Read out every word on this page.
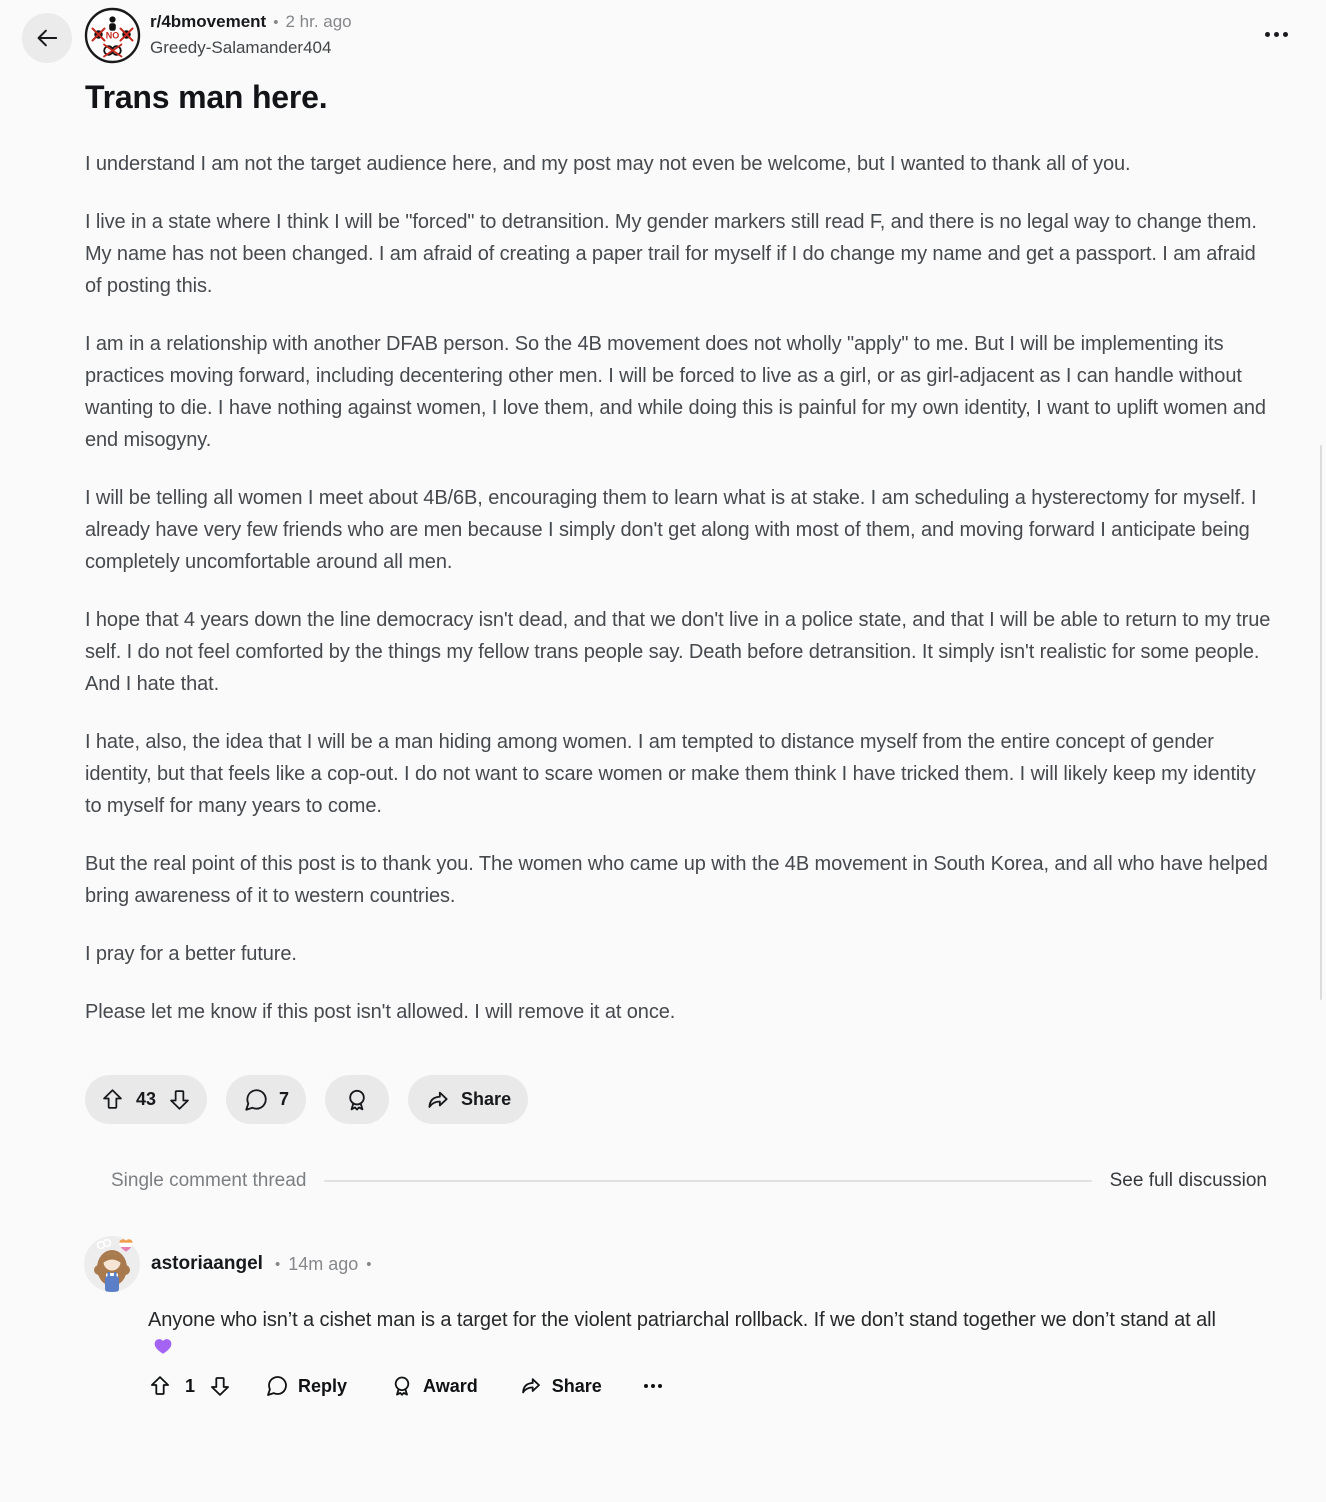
NO
r/4bmovement • 2 hr. ago
Greedy-Salamander404
Trans man here.

I understand I am not the target audience here, and my post may not even be welcome, but I wanted to thank all of you.

I live in a state where I think I will be "forced" to detransition. My gender markers still read F, and there is no legal way to change them. My name has not been changed. I am afraid of creating a paper trail for myself if I do change my name and get a passport. I am afraid of posting this.

I am in a relationship with another DFAB person. So the 4B movement does not wholly "apply" to me. But I will be implementing its practices moving forward, including decentering other men. I will be forced to live as a girl, or as girl-adjacent as I can handle without wanting to die. I have nothing against women, I love them, and while doing this is painful for my own identity, I want to uplift women and end misogyny.

I will be telling all women I meet about 4B/6B, encouraging them to learn what is at stake. I am scheduling a hysterectomy for myself. I already have very few friends who are men because I simply don't get along with most of them, and moving forward I anticipate being completely uncomfortable around all men.

I hope that 4 years down the line democracy isn't dead, and that we don't live in a police state, and that I will be able to return to my true self. I do not feel comforted by the things my fellow trans people say. Death before detransition. It simply isn't realistic for some people. And I hate that.

I hate, also, the idea that I will be a man hiding among women. I am tempted to distance myself from the entire concept of gender identity, but that feels like a cop-out. I do not want to scare women or make them think I have tricked them. I will likely keep my identity to myself for many years to come.

But the real point of this post is to thank you. The women who came up with the 4B movement in South Korea, and all who have helped bring awareness of it to western countries.

I pray for a better future.

Please let me know if this post isn't allowed. I will remove it at once.

43	7	Share
Single comment thread	See full discussion
astoriaangel • 14m ago •

Anyone who isn’t a cishet man is a target for the violent patriarchal rollback. If we don’t stand together we don’t stand at all

1	Reply	Award	Share
